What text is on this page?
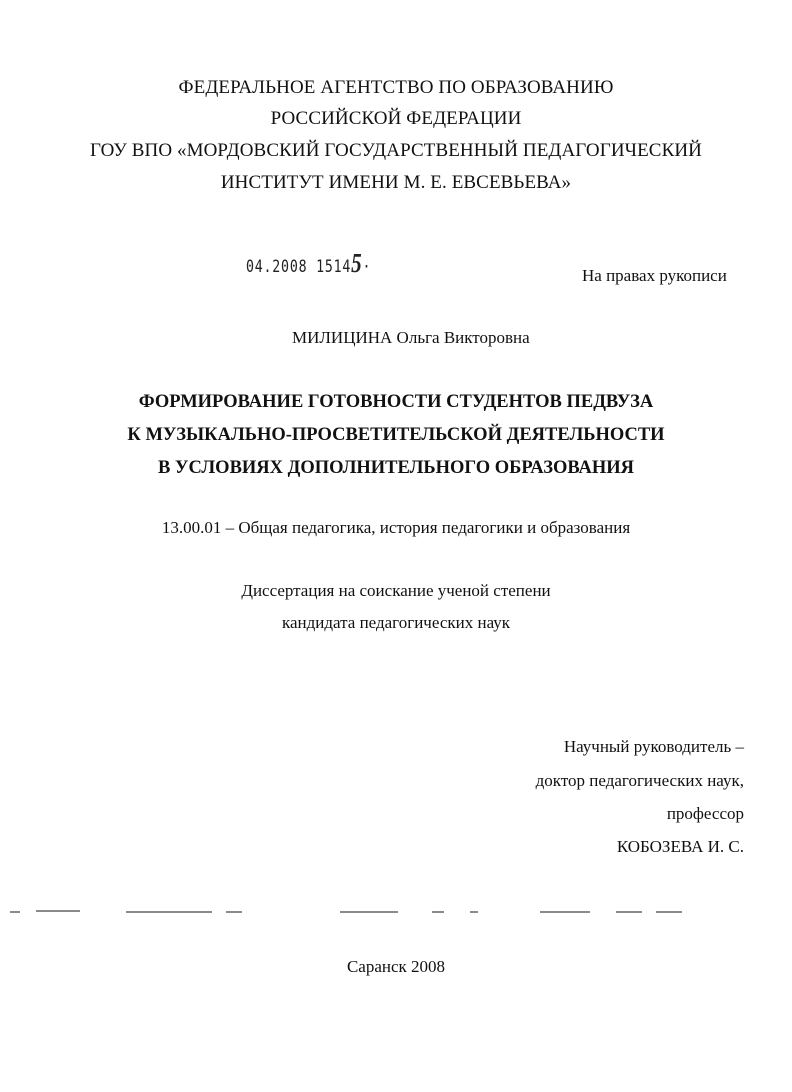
ФЕДЕРАЛЬНОЕ АГЕНТСТВО ПО ОБРАЗОВАНИЮ
РОССИЙСКОЙ ФЕДЕРАЦИИ
ГОУ ВПО «МОРДОВСКИЙ ГОСУДАРСТВЕННЫЙ ПЕДАГОГИЧЕСКИЙ
ИНСТИТУТ ИМЕНИ М. Е. ЕВСЕВЬЕВА»
04.2008 15145·	На правах рукописи
МИЛИЦИНА Ольга Викторовна
ФОРМИРОВАНИЕ ГОТОВНОСТИ СТУДЕНТОВ ПЕДВУЗА
К МУЗЫКАЛЬНО-ПРОСВЕТИТЕЛЬСКОЙ ДЕЯТЕЛЬНОСТИ
В УСЛОВИЯХ ДОПОЛНИТЕЛЬНОГО ОБРАЗОВАНИЯ
13.00.01 – Общая педагогика, история педагогики и образования
Диссертация на соискание ученой степени
кандидата педагогических наук
Научный руководитель –
доктор педагогических наук,
профессор
КОБОЗЕВА И. С.
Саранск 2008
